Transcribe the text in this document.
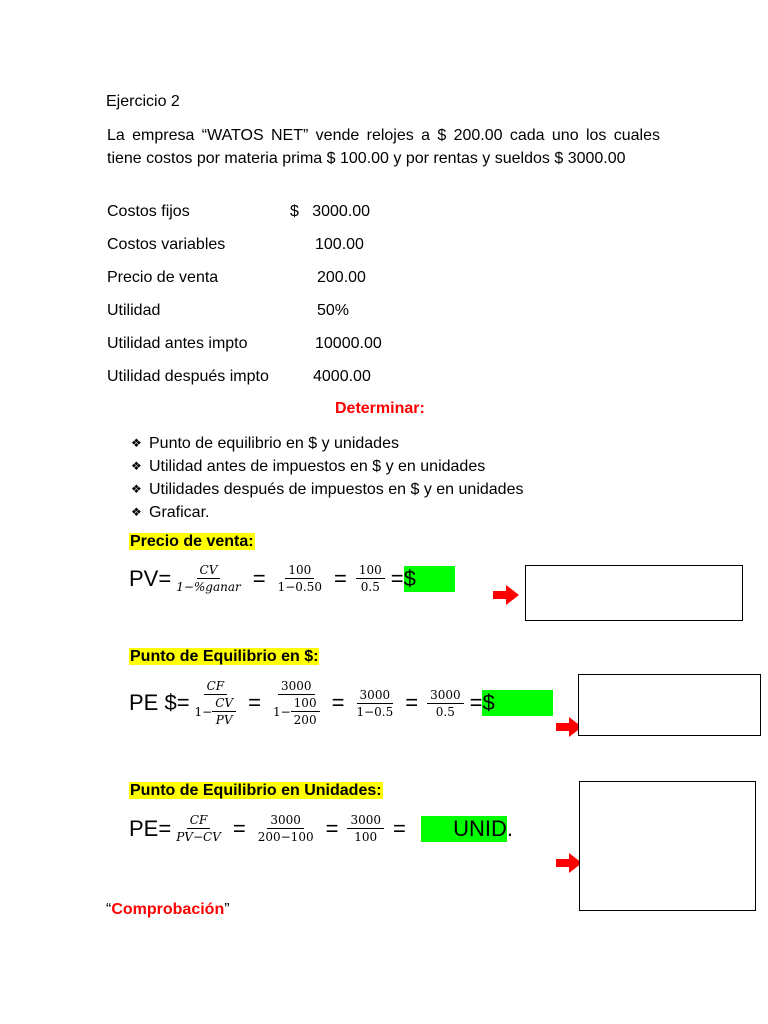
Ejercicio 2
La empresa “WATOS NET” vende relojes a $ 200.00 cada uno los cuales tiene costos por materia prima $ 100.00 y por rentas y sueldos $ 3000.00
Costos fijos	$   3000.00
Costos variables	100.00
Precio de venta	200.00
Utilidad	50%
Utilidad antes impto	10000.00
Utilidad después impto	4000.00
Determinar:
❖ Punto de equilibrio en $ y unidades
❖ Utilidad antes de impuestos en $ y en unidades
❖ Utilidades después de impuestos en $ y en unidades
❖ Graficar.
Precio de venta:
$PV= \frac{CV}{\text{1−\%ganar}} = \frac{100}{1-0.50} = \frac{100}{0.5}$ = $
Punto de Equilibrio en $:
PE $= $\frac{CF}{1- \frac{CV}{PV}} = \frac{3000}{1- \frac{100}{200}} = \frac{3000}{1-0.5} = \frac{3000}{0.5}$ = $
Punto de Equilibrio en Unidades:
$PE= \frac{CF}{PV-CV} = \frac{3000}{200-100} = \frac{3000}{100}$ =	UNID .
“Comprobación”
